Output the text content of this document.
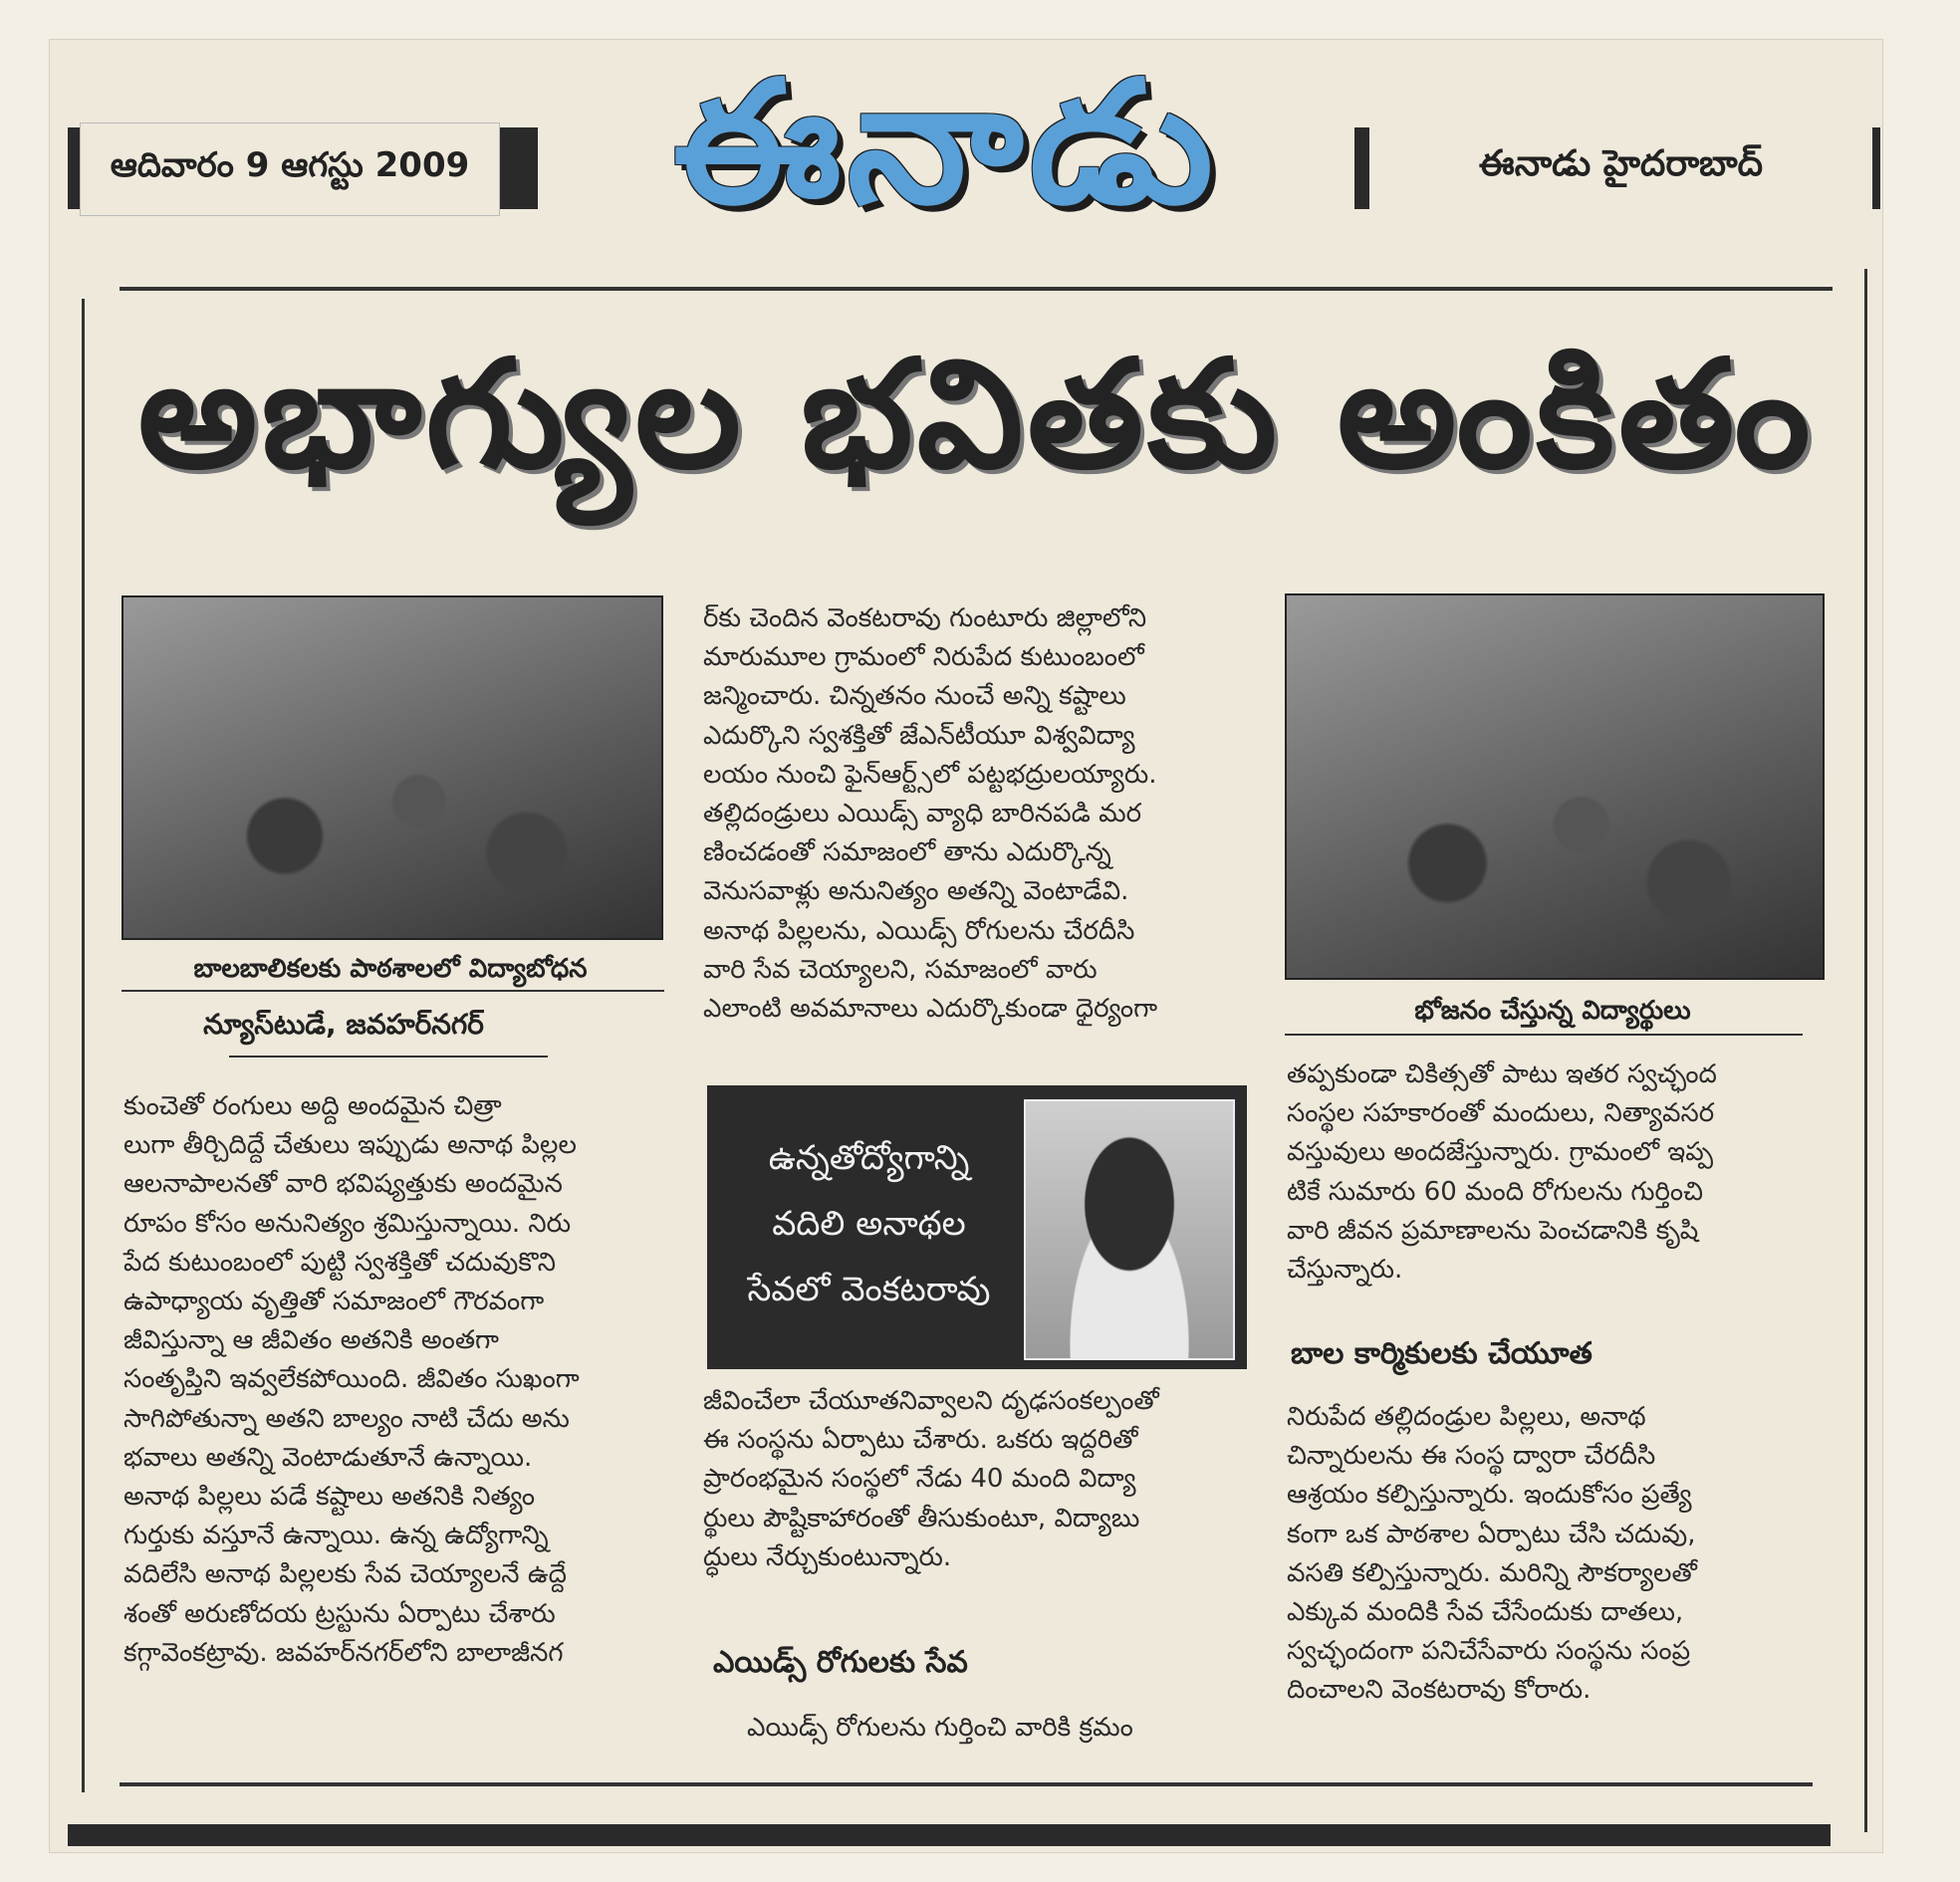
ఆదివారం 9 ఆగస్టు 2009	ఈనాడు హైదరాబాద్
ఈనాడు
అభాగ్యుల భవితకు అంకితం
బాలబాలికలకు పాఠశాలలో విద్యాబోధన
న్యూస్‌టుడే, జవహర్‌నగర్	భోజనం చేస్తున్న విద్యార్థులు

కుంచెతో రంగులు అద్ది అందమైన చిత్రా

లుగా తీర్చిదిద్దే చేతులు ఇప్పుడు అనాథ పిల్లల

ఆలనాపాలనతో వారి భవిష్యత్తుకు అందమైన

రూపం కోసం అనునిత్యం శ్రమిస్తున్నాయి. నిరు

పేద కుటుంబంలో పుట్టి స్వశక్తితో చదువుకొని

ఉపాధ్యాయ వృత్తితో సమాజంలో గౌరవంగా

జీవిస్తున్నా ఆ జీవితం అతనికి అంతగా

సంతృప్తిని ఇవ్వలేకపోయింది. జీవితం సుఖంగా

సాగిపోతున్నా అతని బాల్యం నాటి చేదు అను

భవాలు అతన్ని వెంటాడుతూనే ఉన్నాయి.

అనాథ పిల్లలు పడే కష్టాలు అతనికి నిత్యం

గుర్తుకు వస్తూనే ఉన్నాయి. ఉన్న ఉద్యోగాన్ని

వదిలేసి అనాథ పిల్లలకు సేవ చెయ్యాలనే ఉద్దే

శంతో అరుణోదయ ట్రస్టును ఏర్పాటు చేశారు

కగ్గావెంకట్రావు. జవహర్‌నగర్‌లోని బాలాజీనగ

ర్‌కు చెందిన వెంకటరావు గుంటూరు జిల్లాలోని

మారుమూల గ్రామంలో నిరుపేద కుటుంబంలో

జన్మించారు. చిన్నతనం నుంచే అన్ని కష్టాలు

ఎదుర్కొని స్వశక్తితో జేఎన్‌టీయూ విశ్వవిద్యా

లయం నుంచి ఫైన్‌ఆర్ట్స్‌లో పట్టభద్రులయ్యారు.

తల్లిదండ్రులు ఎయిడ్స్ వ్యాధి బారినపడి మర

ణించడంతో సమాజంలో తాను ఎదుర్కొన్న

వెనుసవాళ్లు అనునిత్యం అతన్ని వెంటాడేవి.

అనాథ పిల్లలను, ఎయిడ్స్ రోగులను చేరదీసి

వారి సేవ చెయ్యాలని, సమాజంలో వారు

ఎలాంటి అవమానాలు ఎదుర్కొకుండా ధైర్యంగా

ఉన్నతోద్యోగాన్ని
వదిలి అనాథల
సేవలో వెంకటరావు

జీవించేలా చేయూతనివ్వాలని దృఢసంకల్పంతో

ఈ సంస్థను ఏర్పాటు చేశారు. ఒకరు ఇద్దరితో

ప్రారంభమైన సంస్థలో నేడు 40 మంది విద్యా

ర్థులు పౌష్టికాహారంతో తీసుకుంటూ, విద్యాబు

ద్ధులు నేర్చుకుంటున్నారు.

ఎయిడ్స్ రోగులకు సేవ

ఎయిడ్స్ రోగులను గుర్తించి వారికి క్రమం

తప్పకుండా చికిత్సతో పాటు ఇతర స్వచ్ఛంద

సంస్థల సహకారంతో మందులు, నిత్యావసర

వస్తువులు అందజేస్తున్నారు. గ్రామంలో ఇప్ప

టికే సుమారు 60 మంది రోగులను గుర్తించి

వారి జీవన ప్రమాణాలను పెంచడానికి కృషి

చేస్తున్నారు.

బాల కార్మికులకు చేయూత

నిరుపేద తల్లిదండ్రుల పిల్లలు, అనాథ

చిన్నారులను ఈ సంస్థ ద్వారా చేరదీసి

ఆశ్రయం కల్పిస్తున్నారు. ఇందుకోసం ప్రత్యే

కంగా ఒక పాఠశాల ఏర్పాటు చేసి చదువు,

వసతి కల్పిస్తున్నారు. మరిన్ని సౌకర్యాలతో

ఎక్కువ మందికి సేవ చేసేందుకు దాతలు,

స్వచ్ఛందంగా పనిచేసేవారు సంస్థను సంప్ర

దించాలని వెంకటరావు కోరారు.
